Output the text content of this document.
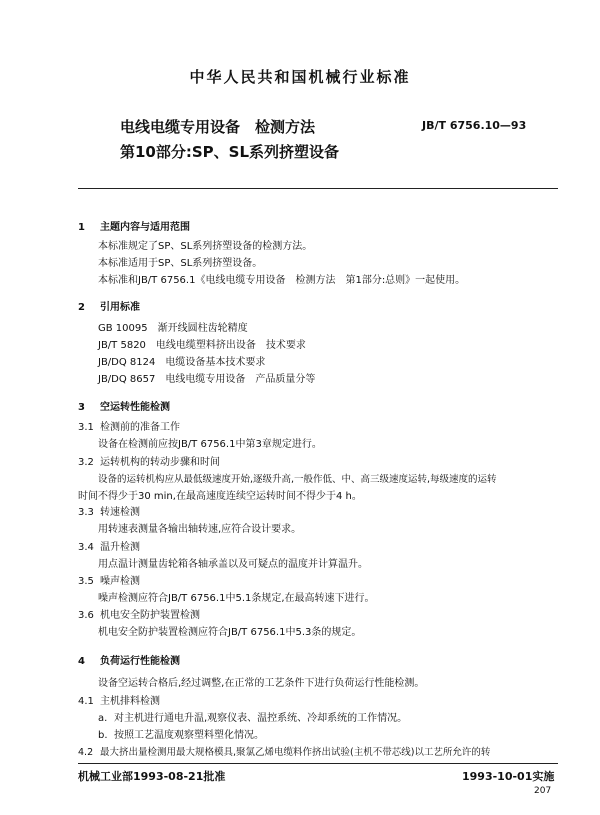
中华人民共和国机械行业标准
电线电缆专用设备　检测方法
第10部分:SP、SL系列挤塑设备
JB/T 6756.10—93
1 主题内容与适用范围
本标准规定了SP、SL系列挤塑设备的检测方法。
本标准适用于SP、SL系列挤塑设备。
本标准和JB/T 6756.1《电线电缆专用设备　检测方法　第1部分:总则》一起使用。
2 引用标准
GB 10095　渐开线圆柱齿轮精度
JB/T 5820　电线电缆塑料挤出设备　技术要求
JB/DQ 8124　电缆设备基本技术要求
JB/DQ 8657　电线电缆专用设备　产品质量分等
3 空运转性能检测
3.1 检测前的准备工作
设备在检测前应按JB/T 6756.1中第3章规定进行。
3.2 运转机构的转动步骤和时间
设备的运转机构应从最低级速度开始,逐级升高,一般作低、中、高三级速度运转,每级速度的运转
时间不得少于30 min,在最高速度连续空运转时间不得少于4 h。
3.3 转速检测
用转速表测量各输出轴转速,应符合设计要求。
3.4 温升检测
用点温计测量齿轮箱各轴承盖以及可疑点的温度并计算温升。
3.5 噪声检测
噪声检测应符合JB/T 6756.1中5.1条规定,在最高转速下进行。
3.6 机电安全防护装置检测
机电安全防护装置检测应符合JB/T 6756.1中5.3条的规定。
4 负荷运行性能检测
设备空运转合格后,经过调整,在正常的工艺条件下进行负荷运行性能检测。
4.1 主机排料检测
a. 对主机进行通电升温,观察仪表、温控系统、冷却系统的工作情况。
b. 按照工艺温度观察塑料塑化情况。
4.2 最大挤出量检测用最大规格模具,聚氯乙烯电缆料作挤出试验(主机不带芯线)以工艺所允许的转
机械工业部1993-08-21批准	1993-10-01实施
207
